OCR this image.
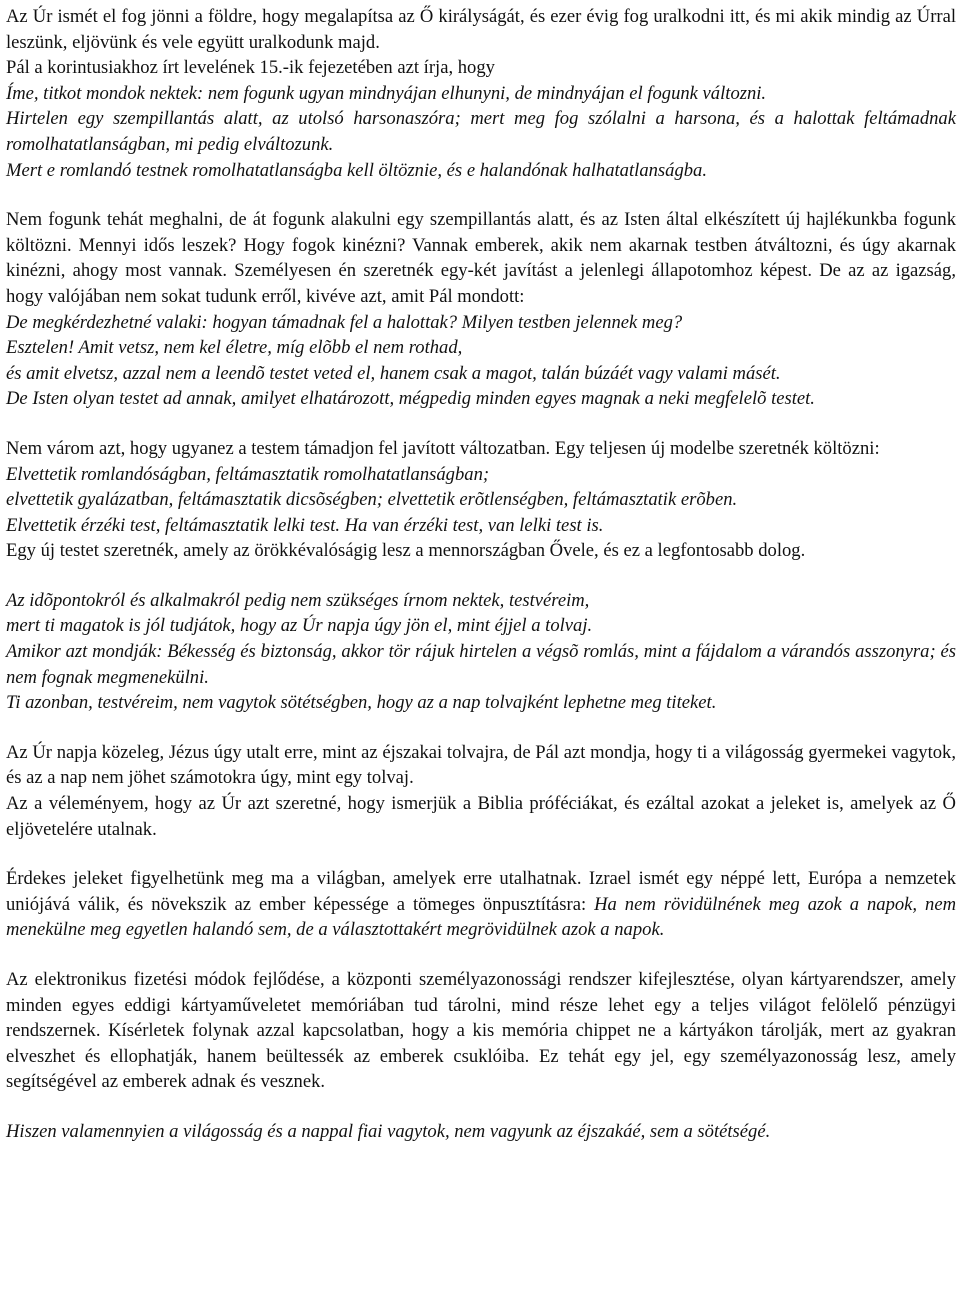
Az Úr ismét el fog jönni a földre, hogy megalapítsa az Ő királyságát, és ezer évig fog uralkodni itt, és mi akik mindig az Úrral leszünk, eljövünk és vele együtt uralkodunk majd.
Pál a korintusiakhoz írt levelének 15.-ik fejezetében azt írja, hogy
Íme, titkot mondok nektek: nem fogunk ugyan mindnyájan elhunyni, de mindnyájan el fogunk változni.
Hirtelen egy szempillantás alatt, az utolsó harsonaszóra; mert meg fog szólalni a harsona, és a halottak feltámadnak romolhatatlanságban, mi pedig elváltozunk.
Mert e romlandó testnek romolhatatlanságba kell öltöznie, és e halandónak halhatatlanságba.

Nem fogunk tehát meghalni, de át fogunk alakulni egy szempillantás alatt, és az Isten által elkészített új hajlékunkba fogunk költözni. Mennyi idős leszek? Hogy fogok kinézni? Vannak emberek, akik nem akarnak testben átváltozni, és úgy akarnak kinézni, ahogy most vannak. Személyesen én szeretnék egy-két javítást a jelenlegi állapotomhoz képest. De az az igazság, hogy valójában nem sokat tudunk erről, kivéve azt, amit Pál mondott:
De megkérdezhetné valaki: hogyan támadnak fel a halottak? Milyen testben jelennek meg?
Esztelen! Amit vetsz, nem kel életre, míg elõbb el nem rothad,
és amit elvetsz, azzal nem a leendõ testet veted el, hanem csak a magot, talán búzáét vagy valami másét.
De Isten olyan testet ad annak, amilyet elhatározott, mégpedig minden egyes magnak a neki megfelelõ testet.

Nem várom azt, hogy ugyanez a testem támadjon fel javított változatban. Egy teljesen új modelbe szeretnék költözni:
Elvettetik romlandóságban, feltámasztatik romolhatatlanságban;
elvettetik gyalázatban, feltámasztatik dicsõségben; elvettetik erõtlenségben, feltámasztatik erõben.
Elvettetik érzéki test, feltámasztatik lelki test. Ha van érzéki test, van lelki test is.
Egy új testet szeretnék, amely az örökkévalóságig lesz a mennországban Ővele, és ez a legfontosabb dolog.

Az idõpontokról és alkalmakról pedig nem szükséges írnom nektek, testvéreim,
mert ti magatok is jól tudjátok, hogy az Úr napja úgy jön el, mint éjjel a tolvaj.
Amikor azt mondják: Békesség és biztonság, akkor tör rájuk hirtelen a végsõ romlás, mint a fájdalom a várandós asszonyra; és nem fognak megmenekülni.
Ti azonban, testvéreim, nem vagytok sötétségben, hogy az a nap tolvajként lephetne meg titeket.

Az Úr napja közeleg, Jézus úgy utalt erre, mint az éjszakai tolvajra, de Pál azt mondja, hogy ti a világosság gyermekei vagytok, és az a nap nem jöhet számotokra úgy, mint egy tolvaj.
Az a véleményem, hogy az Úr azt szeretné, hogy ismerjük a Biblia próféciákat, és ezáltal azokat a jeleket is, amelyek az Ő eljövetelére utalnak.

Érdekes jeleket figyelhetünk meg ma a világban, amelyek erre utalhatnak. Izrael ismét egy néppé lett, Európa a nemzetek uniójává válik, és növekszik az ember képessége a tömeges önpusztításra: Ha nem rövidülnének meg azok a napok, nem menekülne meg egyetlen halandó sem, de a választottakért megrövidülnek azok a napok.

Az elektronikus fizetési módok fejlődése, a központi személyazonossági rendszer kifejlesztése, olyan kártyarendszer, amely minden egyes eddigi kártyaműveletet memóriában tud tárolni, mind része lehet egy a teljes világot felölelő pénzügyi rendszernek. Kísérletek folynak azzal kapcsolatban, hogy a kis memória chippet ne a kártyákon tárolják, mert az gyakran elveszhet és ellophatják, hanem beültessék az emberek csuklóiba. Ez tehát egy jel, egy személyazonosság lesz, amely segítségével az emberek adnak és vesznek.

Hiszen valamennyien a világosság és a nappal fiai vagytok, nem vagyunk az éjszakáé, sem a sötétségé.
